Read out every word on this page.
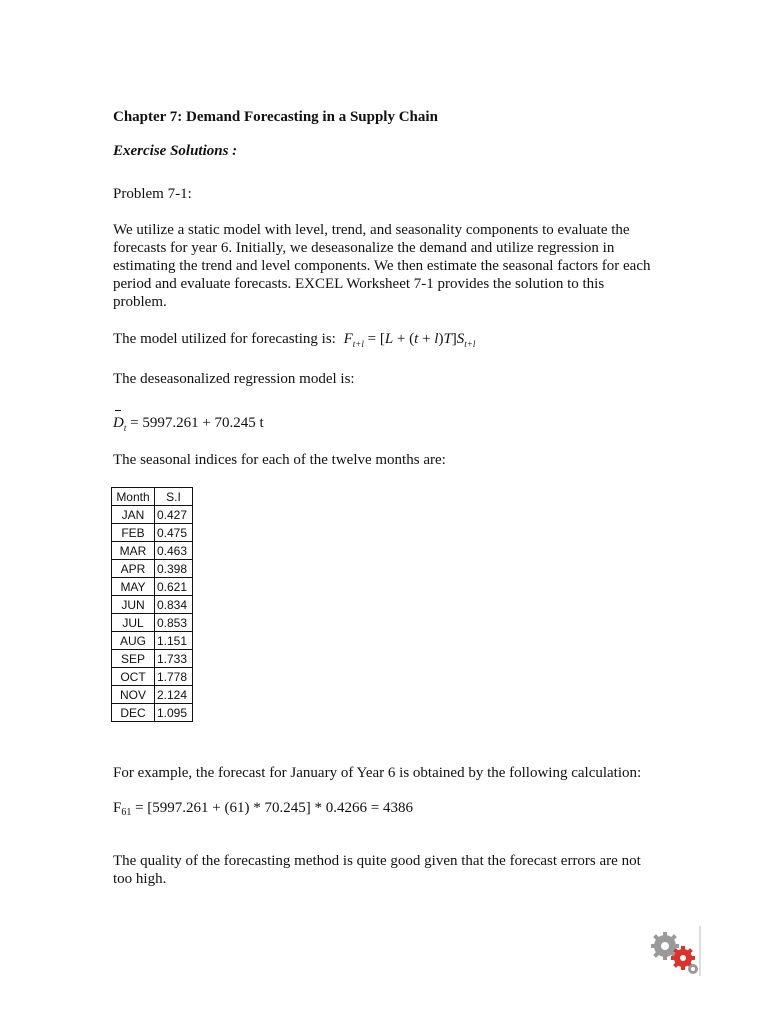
Chapter 7: Demand Forecasting in a Supply Chain
Exercise Solutions :
Problem 7-1:
We utilize a static model with level, trend, and seasonality components to evaluate the forecasts for year 6. Initially, we deseasonalize the demand and utilize regression in estimating the trend and level components. We then estimate the seasonal factors for each period and evaluate forecasts. EXCEL Worksheet 7-1 provides the solution to this problem.
The model utilized for forecasting is: $F_{t+l} = [L + (t + l)T]S_{t+l}$
The deseasonalized regression model is:
$D_t = 5997.261 + 70.245$ t
The seasonal indices for each of the twelve months are:
Month	S.I
JAN	0.427
FEB	0.475
MAR	0.463
APR	0.398
MAY	0.621
JUN	0.834
JUL	0.853
AUG	1.151
SEP	1.733
OCT	1.778
NOV	2.124
DEC	1.095
For example, the forecast for January of Year 6 is obtained by the following calculation:
$F_{61} = [5997.261 + (61) * 70.245] * 0.4266 = 4386$
The quality of the forecasting method is quite good given that the forecast errors are not too high.
